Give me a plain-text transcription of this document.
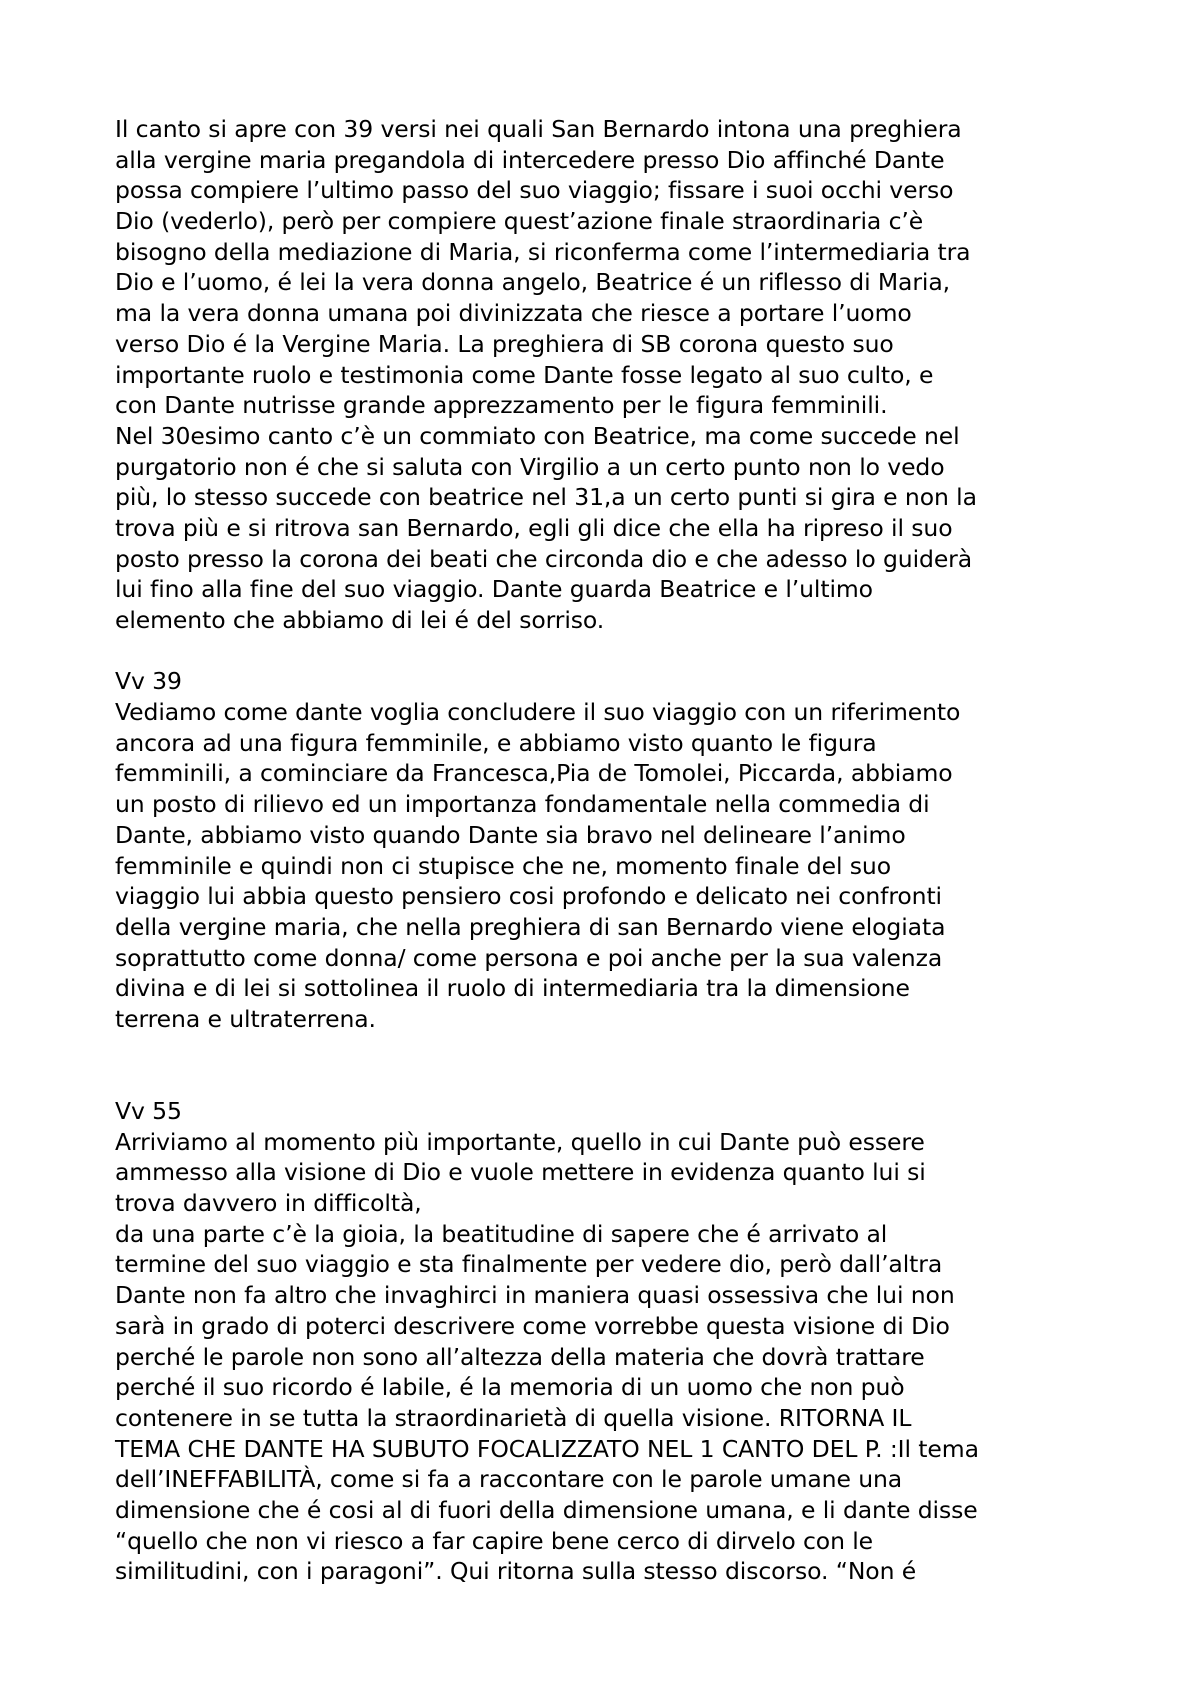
Il canto si apre con 39 versi nei quali San Bernardo intona una preghiera
alla vergine maria pregandola di intercedere presso Dio affinché Dante
possa compiere l’ultimo passo del suo viaggio; fissare i suoi occhi verso
Dio (vederlo), però per compiere quest’azione finale straordinaria c’è
bisogno della mediazione di Maria, si riconferma come l’intermediaria tra
Dio e l’uomo, é lei la vera donna angelo, Beatrice é un riflesso di Maria,
ma la vera donna umana poi divinizzata che riesce a portare l’uomo
verso Dio é la Vergine Maria. La preghiera di SB corona questo suo
importante ruolo e testimonia come Dante fosse legato al suo culto, e
con Dante nutrisse grande apprezzamento per le figura femminili.
Nel 30esimo canto c’è un commiato con Beatrice, ma come succede nel
purgatorio non é che si saluta con Virgilio a un certo punto non lo vedo
più, lo stesso succede con beatrice nel 31,a un certo punti si gira e non la
trova più e si ritrova san Bernardo, egli gli dice che ella ha ripreso il suo
posto presso la corona dei beati che circonda dio e che adesso lo guiderà
lui fino alla fine del suo viaggio. Dante guarda Beatrice e l’ultimo
elemento che abbiamo di lei é del sorriso.
Vv 39
Vediamo come dante voglia concludere il suo viaggio con un riferimento
ancora ad una figura femminile, e abbiamo visto quanto le figura
femminili, a cominciare da Francesca,Pia de Tomolei, Piccarda, abbiamo
un posto di rilievo ed un importanza fondamentale nella commedia di
Dante, abbiamo visto quando Dante sia bravo nel delineare l’animo
femminile e quindi non ci stupisce che ne, momento finale del suo
viaggio lui abbia questo pensiero cosi profondo e delicato nei confronti
della vergine maria, che nella preghiera di san Bernardo viene elogiata
soprattutto come donna/ come persona e poi anche per la sua valenza
divina e di lei si sottolinea il ruolo di intermediaria tra la dimensione
terrena e ultraterrena.
Vv 55
Arriviamo al momento più importante, quello in cui Dante può essere
ammesso alla visione di Dio e vuole mettere in evidenza quanto lui si
trova davvero in difficoltà,
da una parte c’è la gioia, la beatitudine di sapere che é arrivato al
termine del suo viaggio e sta finalmente per vedere dio, però dall’altra
Dante non fa altro che invaghirci in maniera quasi ossessiva che lui non
sarà in grado di poterci descrivere come vorrebbe questa visione di Dio
perché le parole non sono all’altezza della materia che dovrà trattare
perché il suo ricordo é labile, é la memoria di un uomo che non può
contenere in se tutta la straordinarietà di quella visione. RITORNA IL
TEMA CHE DANTE HA SUBUTO FOCALIZZATO NEL 1 CANTO DEL P. :Il tema
dell’INEFFABILITÀ, come si fa a raccontare con le parole umane una
dimensione che é cosi al di fuori della dimensione umana, e li dante disse
“quello che non vi riesco a far capire bene cerco di dirvelo con le
similitudini, con i paragoni”. Qui ritorna sulla stesso discorso. “Non é
